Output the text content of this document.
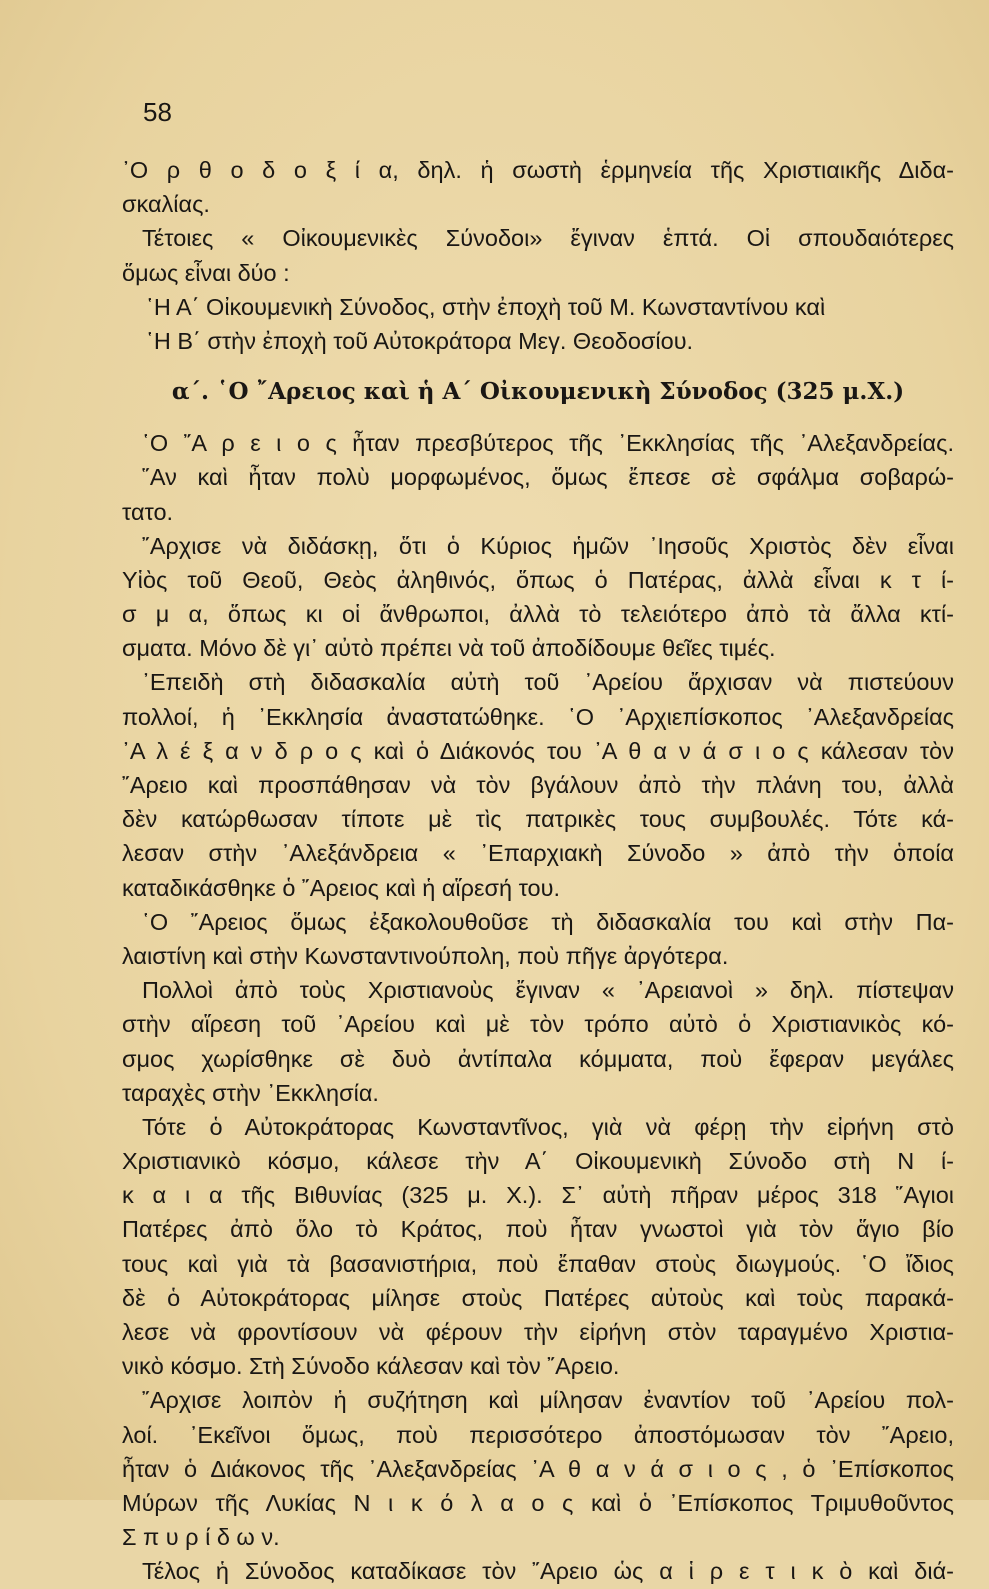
58
᾿Ο ρ θ ο δ ο ξ ί α, δηλ. ἡ σωστὴ ἑρμηνεία τῆς Χριστιαικῆς Διδα-
σκαλίας.
Τέτοιες « Οἰκουμενικὲς Σύνοδοι» ἔγιναν ἑπτά. Οἱ σπουδαιότερες
ὅμως εἶναι δύο :
῾Η Α΄ Οἰκουμενικὴ Σύνοδος, στὴν ἐποχὴ τοῦ Μ. Κωνσταντίνου καὶ
῾Η Β΄ στὴν ἐποχὴ τοῦ Αὐτοκράτορα Μεγ. Θεοδοσίου.
α΄. ῾Ο ῎Αρειος καὶ ἡ Α΄ Οἰκουμενικὴ Σύνοδος (325 μ.Χ.)
῾Ο ῎Α ρ ε ι ο ς ἦταν πρεσβύτερος τῆς ᾿Εκκλησίας τῆς ᾿Αλεξανδρείας.
῞Αν καὶ ἦταν πολὺ μορφωμένος, ὅμως ἔπεσε σὲ σφάλμα σοβαρώ-
τατο.
῎Αρχισε νὰ διδάσκῃ, ὅτι ὁ Κύριος ἡμῶν ᾿Ιησοῦς Χριστὸς δὲν εἶναι
Υἱὸς τοῦ Θεοῦ, Θεὸς ἀληθινός, ὅπως ὁ Πατέρας, ἀλλὰ εἶναι κ τ ί-
σ μ α, ὅπως κι οἱ ἄνθρωποι, ἀλλὰ τὸ τελειότερο ἀπὸ τὰ ἄλλα κτί-
σματα. Μόνο δὲ γι᾿ αὐτὸ πρέπει νὰ τοῦ ἀποδίδουμε θεῖες τιμές.
᾿Επειδὴ στὴ διδασκαλία αὐτὴ τοῦ ᾿Αρείου ἄρχισαν νὰ πιστεύουν
πολλοί, ἡ ᾿Εκκλησία ἀναστατώθηκε. ῾Ο ᾿Αρχιεπίσκοπος ᾿Αλεξανδρείας
᾿Α λ έ ξ α ν δ ρ ο ς καὶ ὁ Διάκονός του ᾿Α θ α ν ά σ ι ο ς κάλεσαν τὸν
῎Αρειο καὶ προσπάθησαν νὰ τὸν βγάλουν ἀπὸ τὴν πλάνη του, ἀλλὰ
δὲν κατώρθωσαν τίποτε μὲ τὶς πατρικὲς τους συμβουλές. Τότε κά-
λεσαν στὴν ᾿Αλεξάνδρεια « ᾿Επαρχιακὴ Σύνοδο » ἀπὸ τὴν ὁποία
καταδικάσθηκε ὁ ῎Αρειος καὶ ἡ αἵρεσή του.
῾Ο ῎Αρειος ὅμως ἐξακολουθοῦσε τὴ διδασκαλία του καὶ στὴν Πα-
λαιστίνη καὶ στὴν Κωνσταντινούπολη, ποὺ πῆγε ἀργότερα.
Πολλοὶ ἀπὸ τοὺς Χριστιανοὺς ἔγιναν « ᾿Αρειανοὶ » δηλ. πίστεψαν
στὴν αἵρεση τοῦ ᾿Αρείου καὶ μὲ τὸν τρόπο αὐτὸ ὁ Χριστιανικὸς κό-
σμος χωρίσθηκε σὲ δυὸ ἀντίπαλα κόμματα, ποὺ ἔφεραν μεγάλες
ταραχὲς στὴν ᾿Εκκλησία.
Τότε ὁ Αὐτοκράτορας Κωνσταντῖνος, γιὰ νὰ φέρῃ τὴν εἰρήνη στὸ
Χριστιανικὸ κόσμο, κάλεσε τὴν Α΄ Οἰκουμενικὴ Σύνοδο στὴ Ν ί-
κ α ι α τῆς Βιθυνίας (325 μ. Χ.). Σ᾿ αὐτὴ πῆραν μέρος 318 ῞Αγιοι
Πατέρες ἀπὸ ὅλο τὸ Κράτος, ποὺ ἦταν γνωστοὶ γιὰ τὸν ἅγιο βίο
τους καὶ γιὰ τὰ βασανιστήρια, ποὺ ἔπαθαν στοὺς διωγμούς. ῾Ο ἴδιος
δὲ ὁ Αὐτοκράτορας μίλησε στοὺς Πατέρες αὐτοὺς καὶ τοὺς παρακά-
λεσε νὰ φροντίσουν νὰ φέρουν τὴν εἰρήνη στὸν ταραγμένο Χριστια-
νικὸ κόσμο. Στὴ Σύνοδο κάλεσαν καὶ τὸν ῎Αρειο.
῎Αρχισε λοιπὸν ἡ συζήτηση καὶ μίλησαν ἐναντίον τοῦ ᾿Αρείου πολ-
λοί. ᾿Εκεῖνοι ὅμως, ποὺ περισσότερο ἀποστόμωσαν τὸν ῎Αρειο,
ἦταν ὁ Διάκονος τῆς ᾿Αλεξανδρείας ᾿Α θ α ν ά σ ι ο ς , ὁ ᾿Επίσκοπος
Μύρων τῆς Λυκίας Ν ι κ ό λ α ο ς καὶ ὁ ᾿Επίσκοπος Τριμυθοῦντος
Σ π υ ρ ί δ ω ν.
Τέλος ἡ Σύνοδος καταδίκασε τὸν ῎Αρειο ὡς α ἱ ρ ε τ ι κ ὸ καὶ διά-
